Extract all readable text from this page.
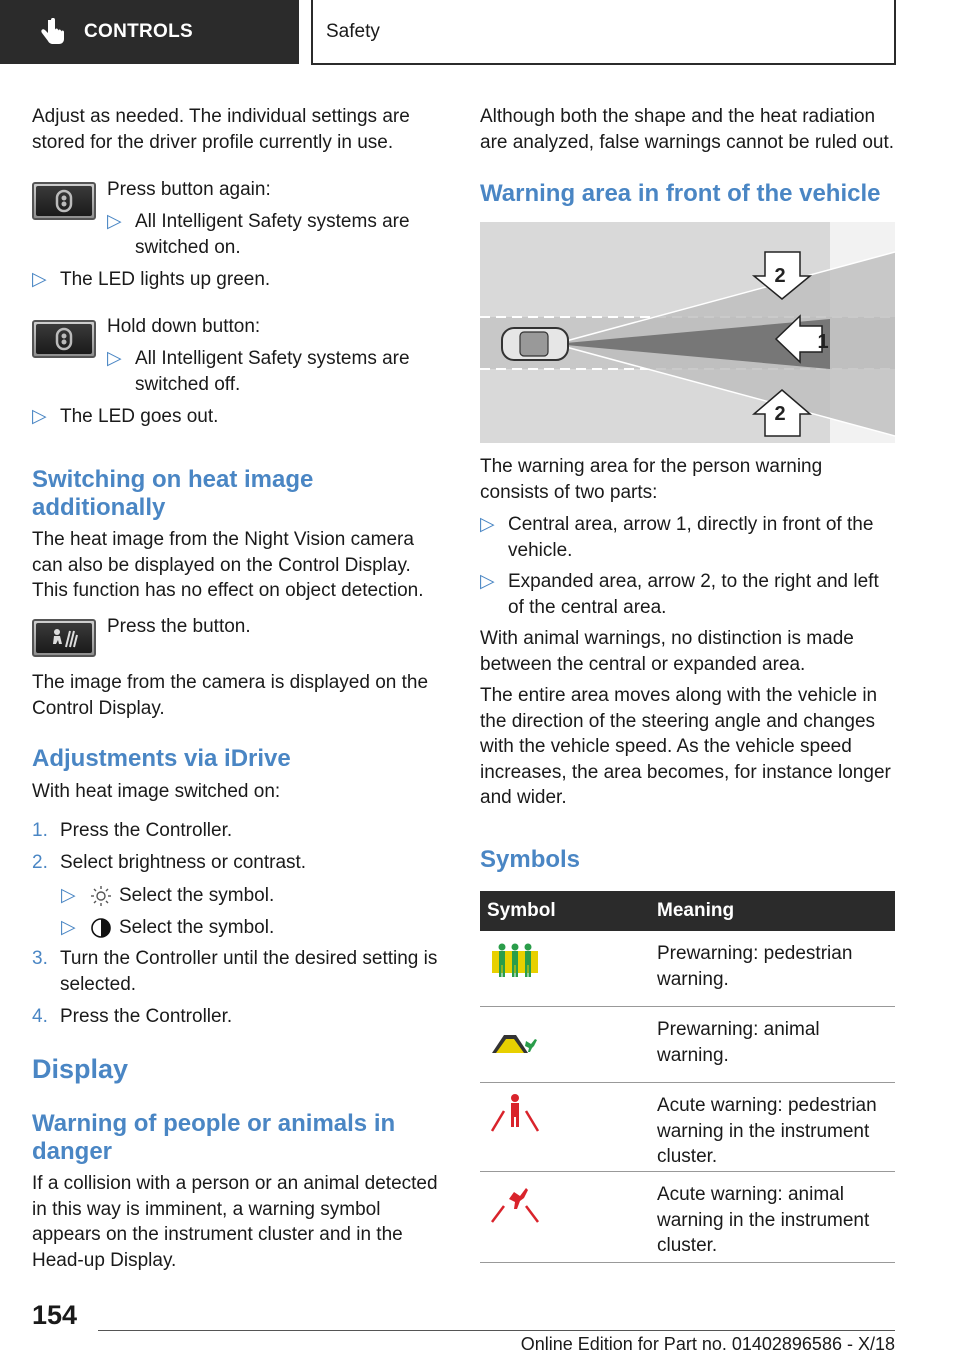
CONTROLS	Safety
Adjust as needed. The individual settings are stored for the driver profile currently in use.
Press button again:
▷ All Intelligent Safety systems are switched on.
▷ The LED lights up green.
Hold down button:
▷ All Intelligent Safety systems are switched off.
▷ The LED goes out.
Switching on heat image additionally
The heat image from the Night Vision camera can also be displayed on the Control Display. This function has no effect on object detection.
Press the button.
The image from the camera is displayed on the Control Display.
Adjustments via iDrive
With heat image switched on:
1. Press the Controller.
2. Select brightness or contrast.
▷	Select the symbol.
▷	Select the symbol.
3. Turn the Controller until the desired setting is selected.
4. Press the Controller.
Display
Warning of people or animals in danger
If a collision with a person or an animal detected in this way is imminent, a warning symbol appears on the instrument cluster and in the Head-up Display.
Although both the shape and the heat radiation are analyzed, false warnings cannot be ruled out.
Warning area in front of the vehicle
2
1
2
The warning area for the person warning consists of two parts:
▷ Central area, arrow 1, directly in front of the vehicle.
▷ Expanded area, arrow 2, to the right and left of the central area.
With animal warnings, no distinction is made between the central or expanded area.
The entire area moves along with the vehicle in the direction of the steering angle and changes with the vehicle speed. As the vehicle speed increases, the area becomes, for instance longer and wider.
Symbols
Symbol	Meaning
Prewarning: pedestrian warning.
Prewarning: animal warning.
Acute warning: pedestrian warning in the instrument cluster.
Acute warning: animal warning in the instrument cluster.
154
Online Edition for Part no. 01402896586 - X/18
